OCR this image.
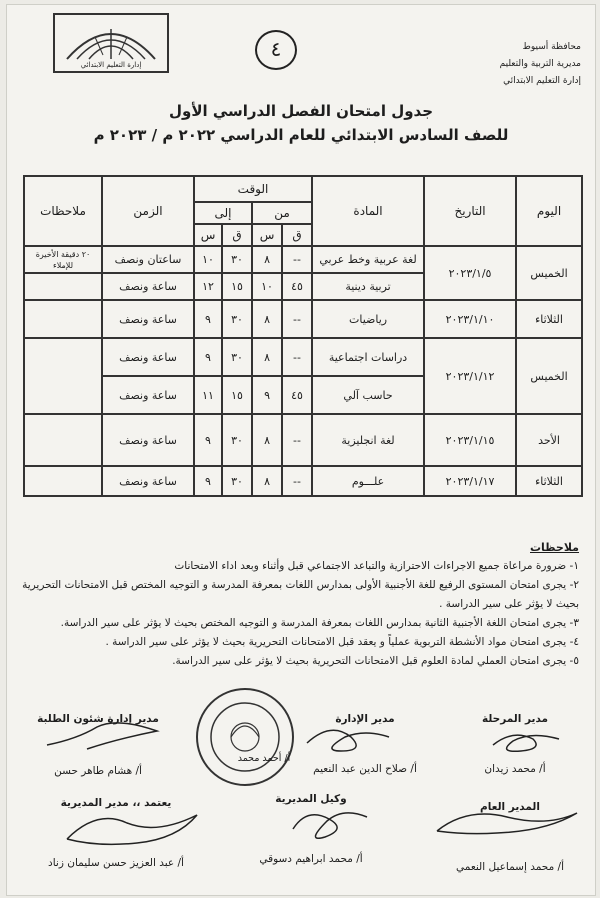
محافظة أسيوط
مديرية التربية والتعليم
إدارة التعليم الابتدائي
٤
إدارة التعليم الابتدائي
جدول امتحان الفصل الدراسي الأول
للصف السادس الابتدائي للعام الدراسي ٢٠٢٢ م / ٢٠٢٣ م
اليوم	التاريخ	المادة	الوقت				الزمن	ملاحظات
			من		إلى			
			ق	س	ق	س		
الخميس	٢٠٢٣/١/٥	لغة عربية وخط عربي	--	٨	٣٠	١٠	ساعتان ونصف	٢٠ دقيقة الأخيرة للإملاء
		تربية دينية	٤٥	١٠	١٥	١٢	ساعة ونصف	
الثلاثاء	٢٠٢٣/١/١٠	رياضيات	--	٨	٣٠	٩	ساعة ونصف	
الخميس	٢٠٢٣/١/١٢	دراسات اجتماعية	--	٨	٣٠	٩	ساعة ونصف	
		حاسب آلي	٤٥	٩	١٥	١١	ساعة ونصف	
الأحد	٢٠٢٣/١/١٥	لغة انجليزية	--	٨	٣٠	٩	ساعة ونصف	
الثلاثاء	٢٠٢٣/١/١٧	علـــوم	--	٨	٣٠	٩	ساعة ونصف	
ملاحظات
١- ضرورة مراعاة جميع الاجراءات الاحترازية والتباعد الاجتماعي قبل وأثناء وبعد اداء الامتحانات
٢- يجرى امتحان المستوى الرفيع للغة الأجنبية الأولى بمدارس اللغات بمعرفة المدرسة و التوجيه المختص قبل الامتحانات التحريرية بحيث لا يؤثر على سير الدراسة .
٣- يجرى امتحان اللغة الأجنبية الثانية بمدارس اللغات بمعرفة المدرسة و التوجيه المختص بحيث لا يؤثر على سير الدراسة.
٤- يجرى امتحان مواد الأنشطة التربوية عملياً و يعقد قبل الامتحانات التحريرية بحيث لا يؤثر على سير الدراسة .
٥- يجرى امتحان العملي لمادة العلوم قبل الامتحانات التحريرية بحيث لا يؤثر على سير الدراسة.
مدير المرحلة
أ/ محمد زيدان
مدير الإدارة
أ/ صلاح الدين عبد النعيم
مدير إدارة شئون الطلبة
أ/ هشام طاهر حسن
أ/ أحمد محمد
المدير العام
أ/ محمد إسماعيل النعمي
وكيل المديرية
أ/ محمد ابراهيم دسوقي
يعتمد ،، مدير المديرية
أ/ عبد العزيز حسن سليمان زناد
